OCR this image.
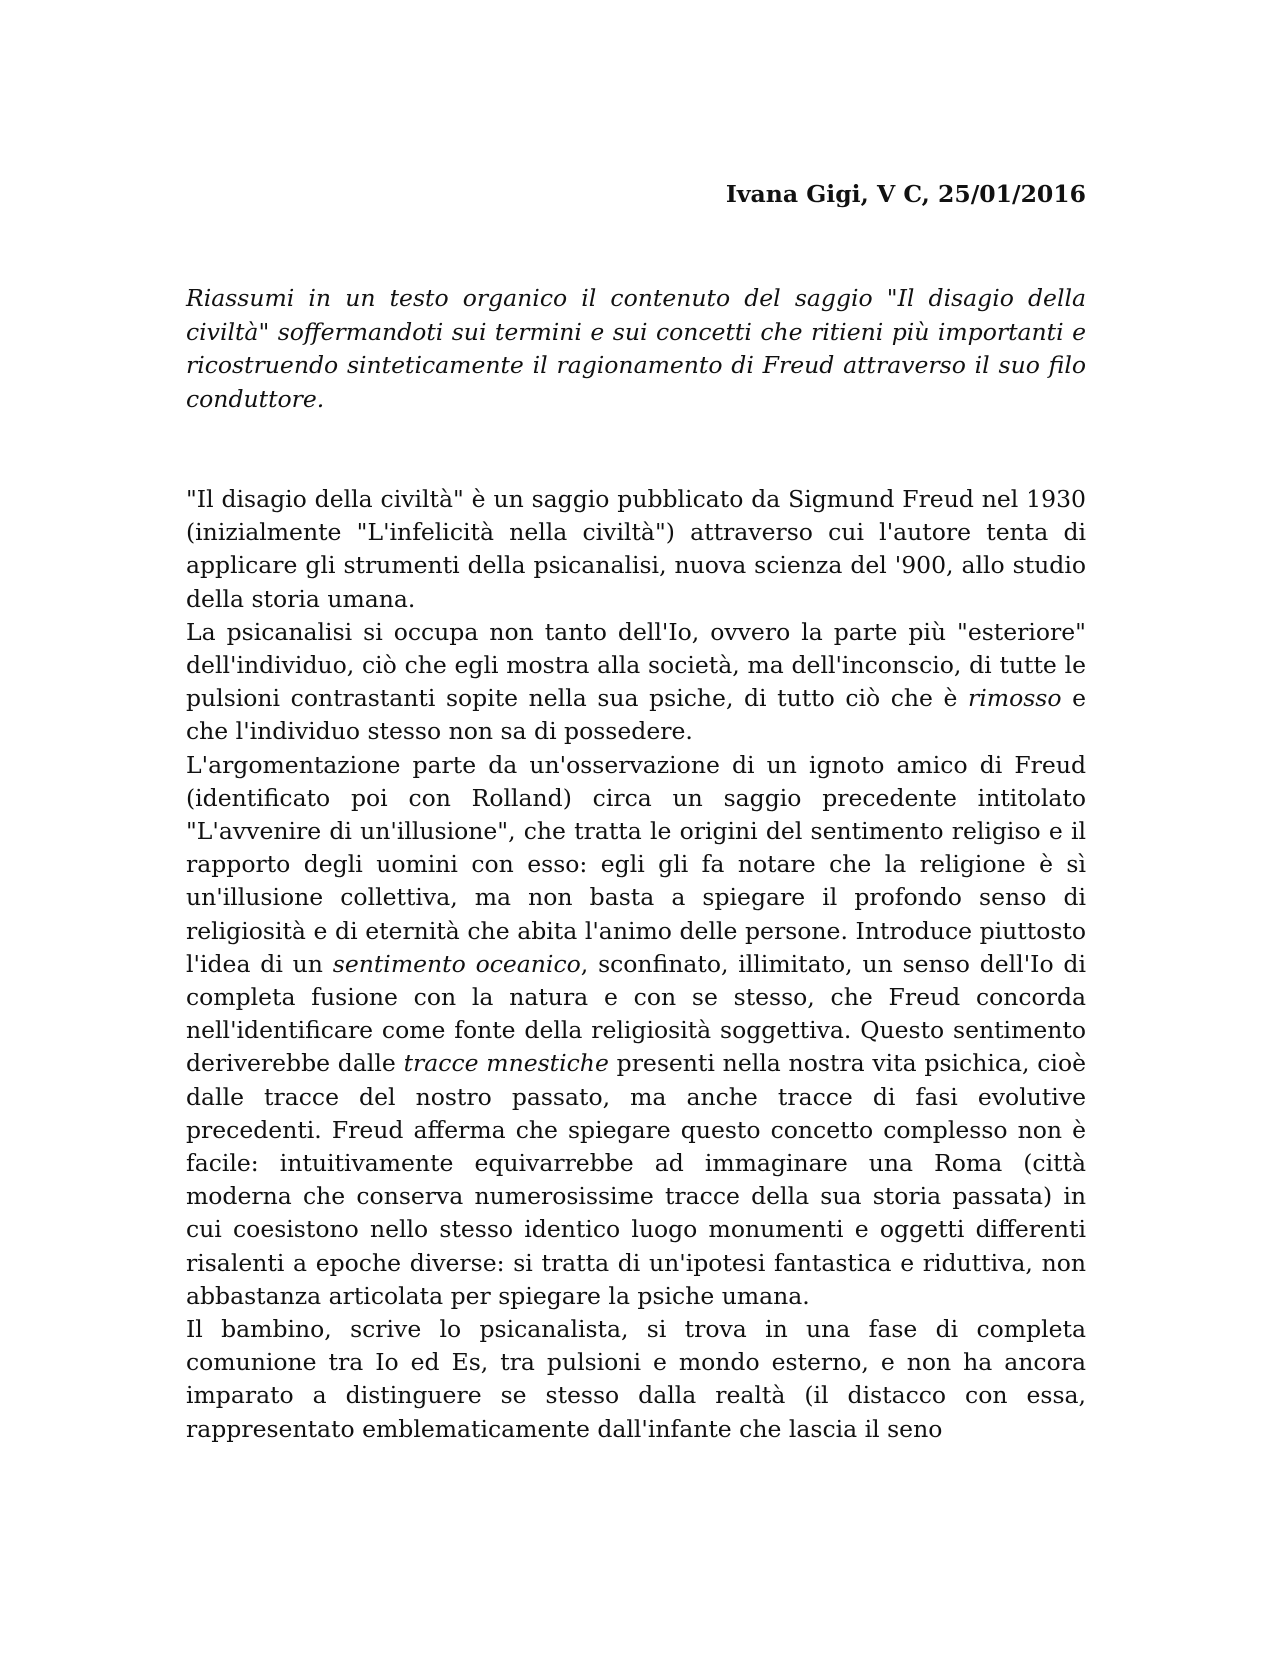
Ivana Gigi, V C, 25/01/2016
Riassumi in un testo organico il contenuto del saggio "Il disagio della civiltà" soffermandoti sui termini e sui concetti che ritieni più importanti e ricostruendo sinteticamente il ragionamento di Freud attraverso il suo filo conduttore.

"Il disagio della civiltà" è un saggio pubblicato da Sigmund Freud nel 1930 (inizialmente "L'infelicità nella civiltà") attraverso cui l'autore tenta di applicare gli strumenti della psicanalisi, nuova scienza del '900, allo studio della storia umana.

La psicanalisi si occupa non tanto dell'Io, ovvero la parte più "esteriore" dell'individuo, ciò che egli mostra alla società, ma dell'inconscio, di tutte le pulsioni contrastanti sopite nella sua psiche, di tutto ciò che è rimosso e che l'individuo stesso non sa di possedere.

L'argomentazione parte da un'osservazione di un ignoto amico di Freud (identificato poi con Rolland) circa un saggio precedente intitolato "L'avvenire di un'illusione", che tratta le origini del sentimento religiso e il rapporto degli uomini con esso: egli gli fa notare che la religione è sì un'illusione collettiva, ma non basta a spiegare il profondo senso di religiosità e di eternità che abita l'animo delle persone. Introduce piuttosto l'idea di un sentimento oceanico, sconfinato, illimitato, un senso dell'Io di completa fusione con la natura e con se stesso, che Freud concorda nell'identificare come fonte della religiosità soggettiva. Questo sentimento deriverebbe dalle tracce mnestiche presenti nella nostra vita psichica, cioè dalle tracce del nostro passato, ma anche tracce di fasi evolutive precedenti. Freud afferma che spiegare questo concetto complesso non è facile: intuitivamente equivarrebbe ad immaginare una Roma (città moderna che conserva numerosissime tracce della sua storia passata) in cui coesistono nello stesso identico luogo monumenti e oggetti differenti risalenti a epoche diverse: si tratta di un'ipotesi fantastica e riduttiva, non abbastanza articolata per spiegare la psiche umana.

Il bambino, scrive lo psicanalista, si trova in una fase di completa comunione tra Io ed Es, tra pulsioni e mondo esterno, e non ha ancora imparato a distinguere se stesso dalla realtà (il distacco con essa, rappresentato emblematicamente dall'infante che lascia il seno
